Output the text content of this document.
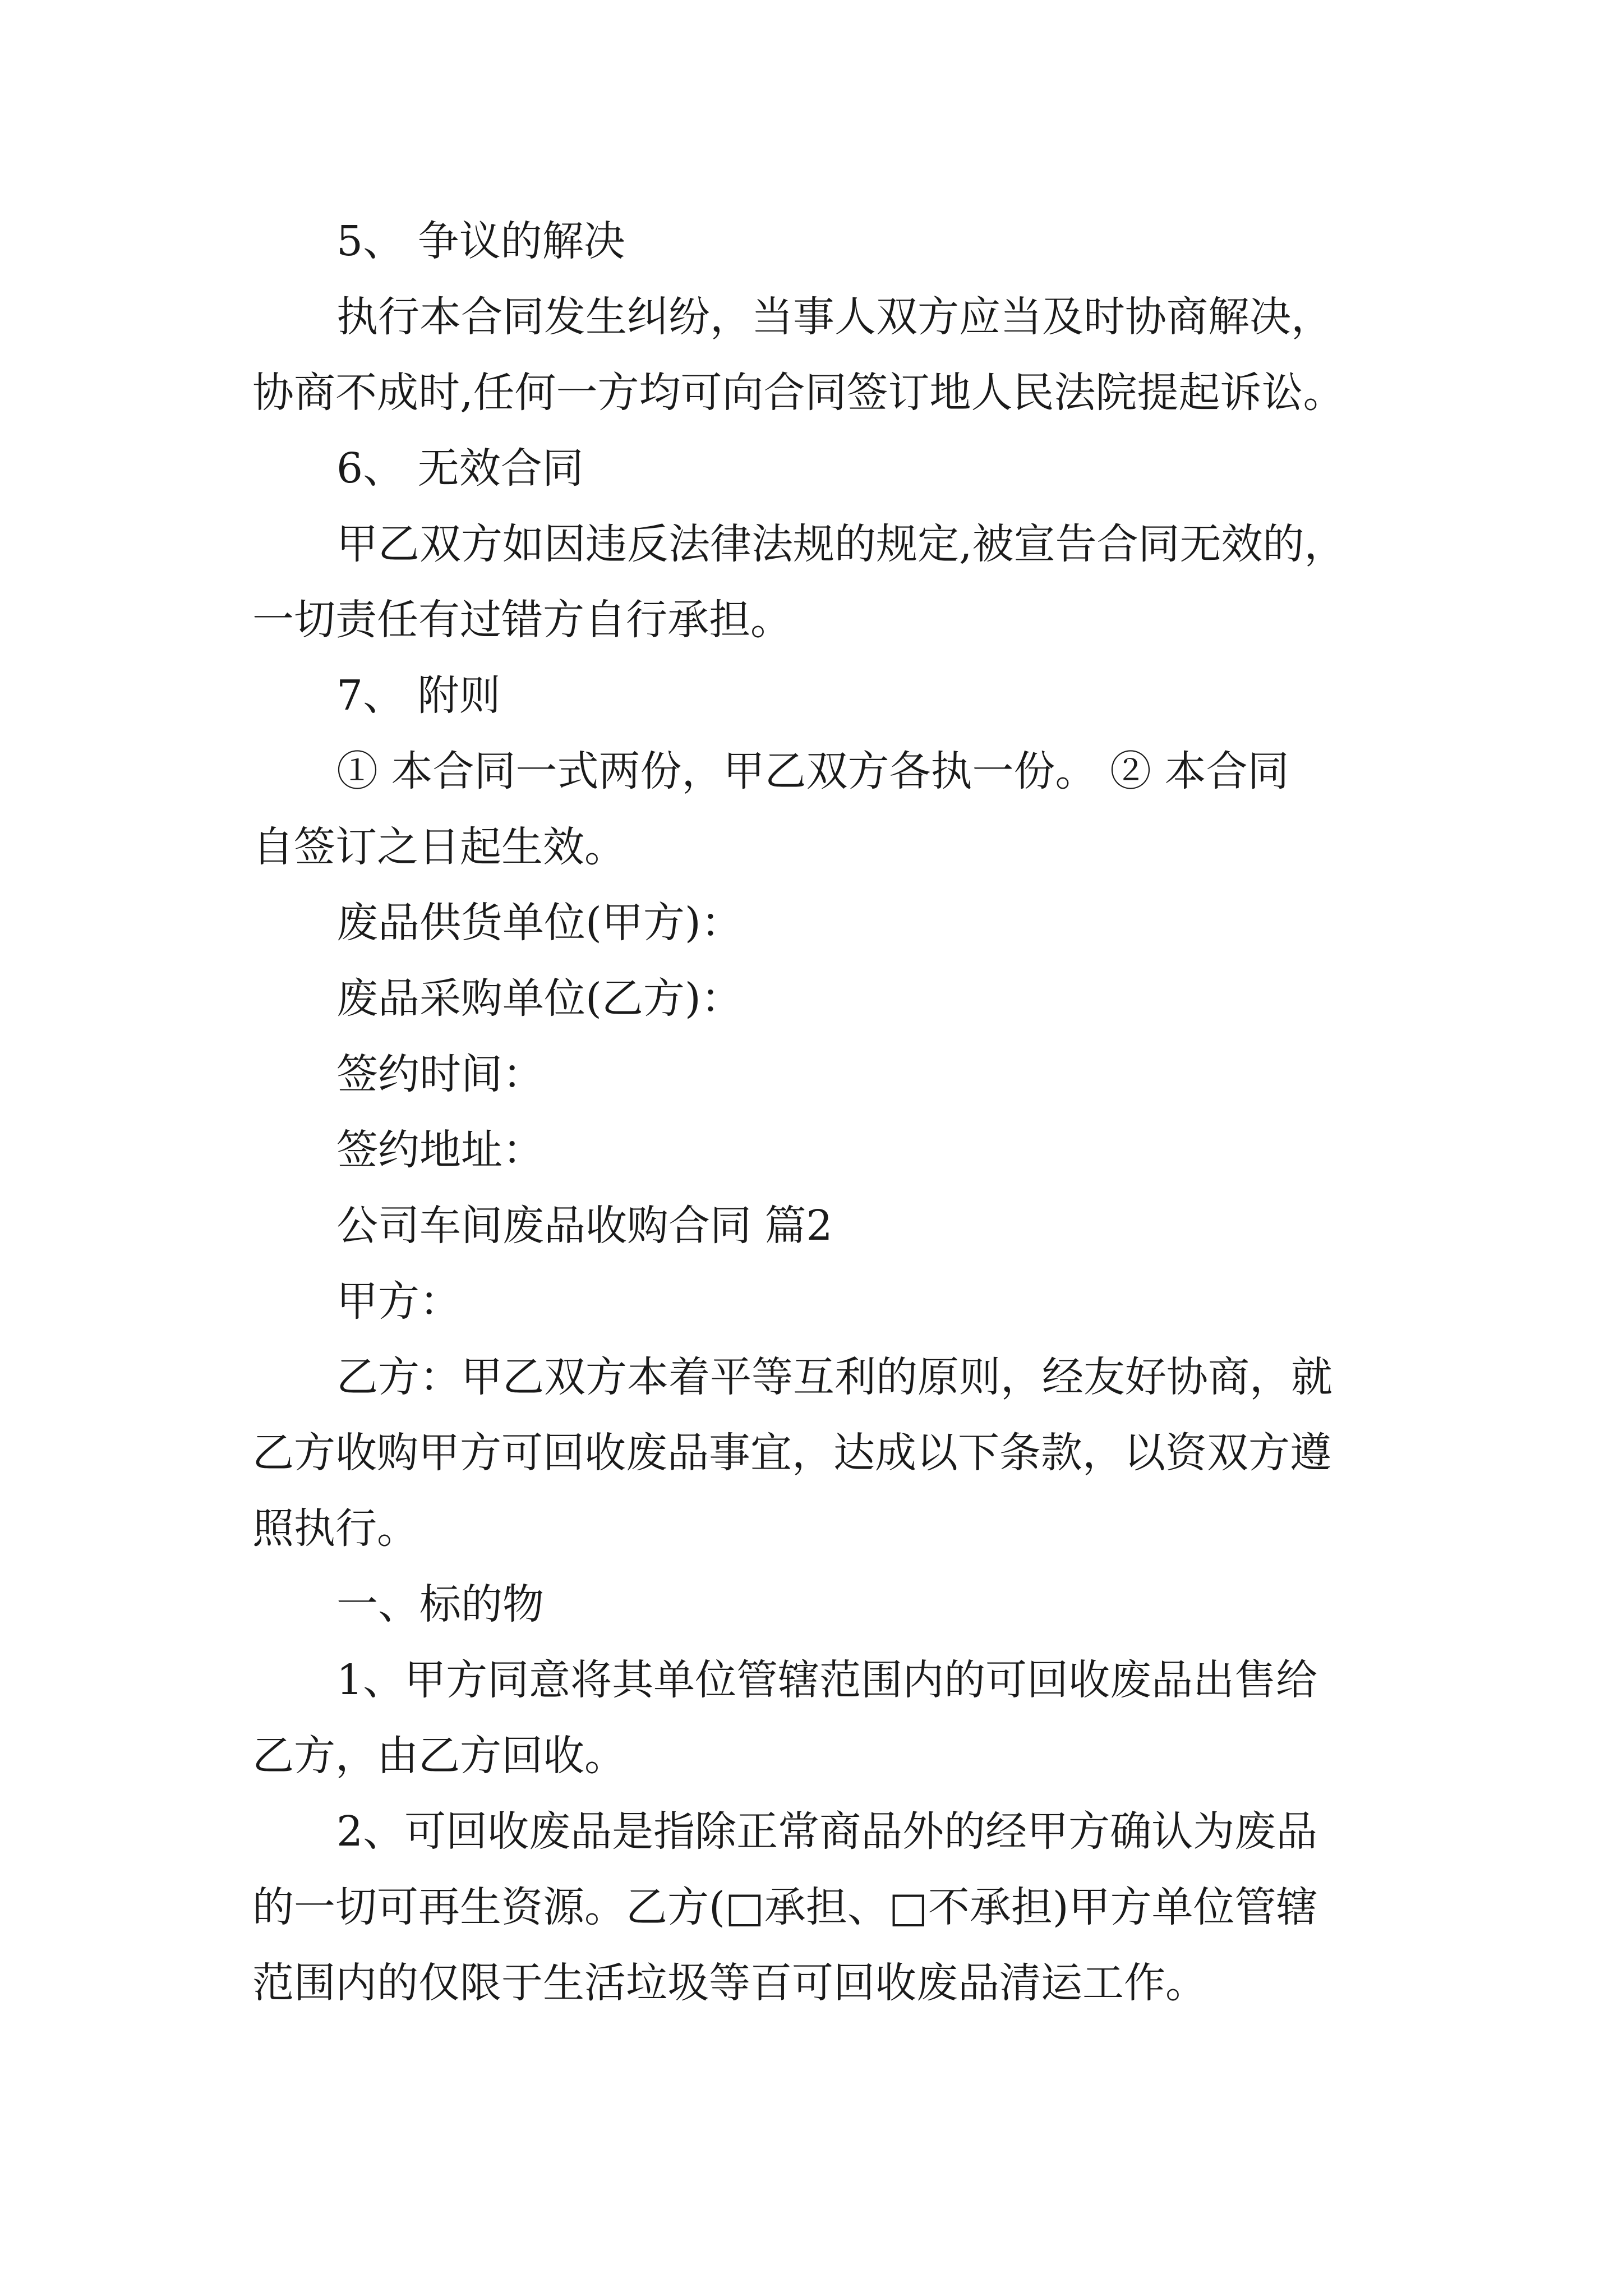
5、 争议的解决
执行本合同发生纠纷，当事人双方应当及时协商解决，
协商不成时,任何一方均可向合同签订地人民法院提起诉讼。
6、 无效合同
甲乙双方如因违反法律法规的规定,被宣告合同无效的，
一切责任有过错方自行承担。
7、 附则
① 本合同一式两份，甲乙双方各执一份。 ② 本合同
自签订之日起生效。
废品供货单位(甲方)：
废品采购单位(乙方)：
签约时间：
签约地址：
公司车间废品收购合同 篇2
甲方：
乙方：甲乙双方本着平等互利的原则，经友好协商，就
乙方收购甲方可回收废品事宜，达成以下条款，以资双方遵
照执行。
一、标的物
1、甲方同意将其单位管辖范围内的可回收废品出售给
乙方，由乙方回收。
2、可回收废品是指除正常商品外的经甲方确认为废品
的一切可再生资源。乙方(□承担、□不承担)甲方单位管辖
范围内的仅限于生活垃圾等百可回收废品清运工作。
